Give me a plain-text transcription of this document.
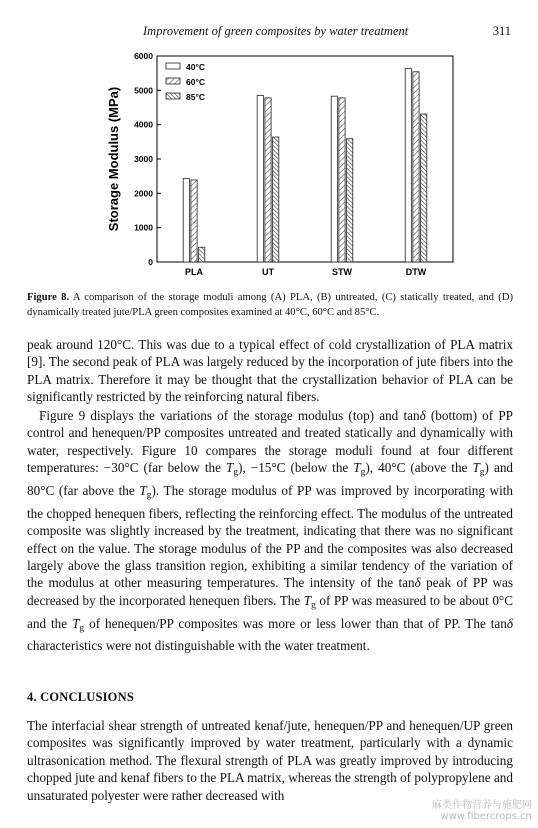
Improvement of green composites by water treatment	311
0
1000
2000
3000
4000
5000
6000
Storage Modulus (MPa)
PLA	UT	STW	DTW
40°C
60°C
85°C
Figure 8. A comparison of the storage moduli among (A) PLA, (B) untreated, (C) statically treated, and (D) dynamically treated jute/PLA green composites examined at 40°C, 60°C and 85°C.
peak around 120°C. This was due to a typical effect of cold crystallization of PLA matrix [9]. The second peak of PLA was largely reduced by the incorporation of jute fibers into the PLA matrix. Therefore it may be thought that the crystallization behavior of PLA can be significantly restricted by the reinforcing natural fibers.
Figure 9 displays the variations of the storage modulus (top) and tanδ (bottom) of PP control and henequen/PP composites untreated and treated statically and dynamically with water, respectively. Figure 10 compares the storage moduli found at four different temperatures: −30°C (far below the $T_g$), −15°C (below the $T_g$), 40°C (above the $T_g$) and 80°C (far above the $T_g$). The storage modulus of PP was improved by incorporating with the chopped henequen fibers, reflecting the reinforcing effect. The modulus of the untreated composite was slightly increased by the treatment, indicating that there was no significant effect on the value. The storage modulus of the PP and the composites was also decreased largely above the glass transition region, exhibiting a similar tendency of the variation of the modulus at other measuring temperatures. The intensity of the tanδ peak of PP was decreased by the incorporated henequen fibers. The $T_g$ of PP was measured to be about 0°C and the $T_g$ of henequen/PP composites was more or less lower than that of PP. The tanδ characteristics were not distinguishable with the water treatment.
4. CONCLUSIONS
The interfacial shear strength of untreated kenaf/jute, henequen/PP and henequen/UP green composites was significantly improved by water treatment, particularly with a dynamic ultrasonication method. The flexural strength of PLA was greatly improved by introducing chopped jute and kenaf fibers to the PLA matrix, whereas the strength of polypropylene and unsaturated polyester were rather decreased with
麻类作物营养与施肥网
www.fibercrops.cn
